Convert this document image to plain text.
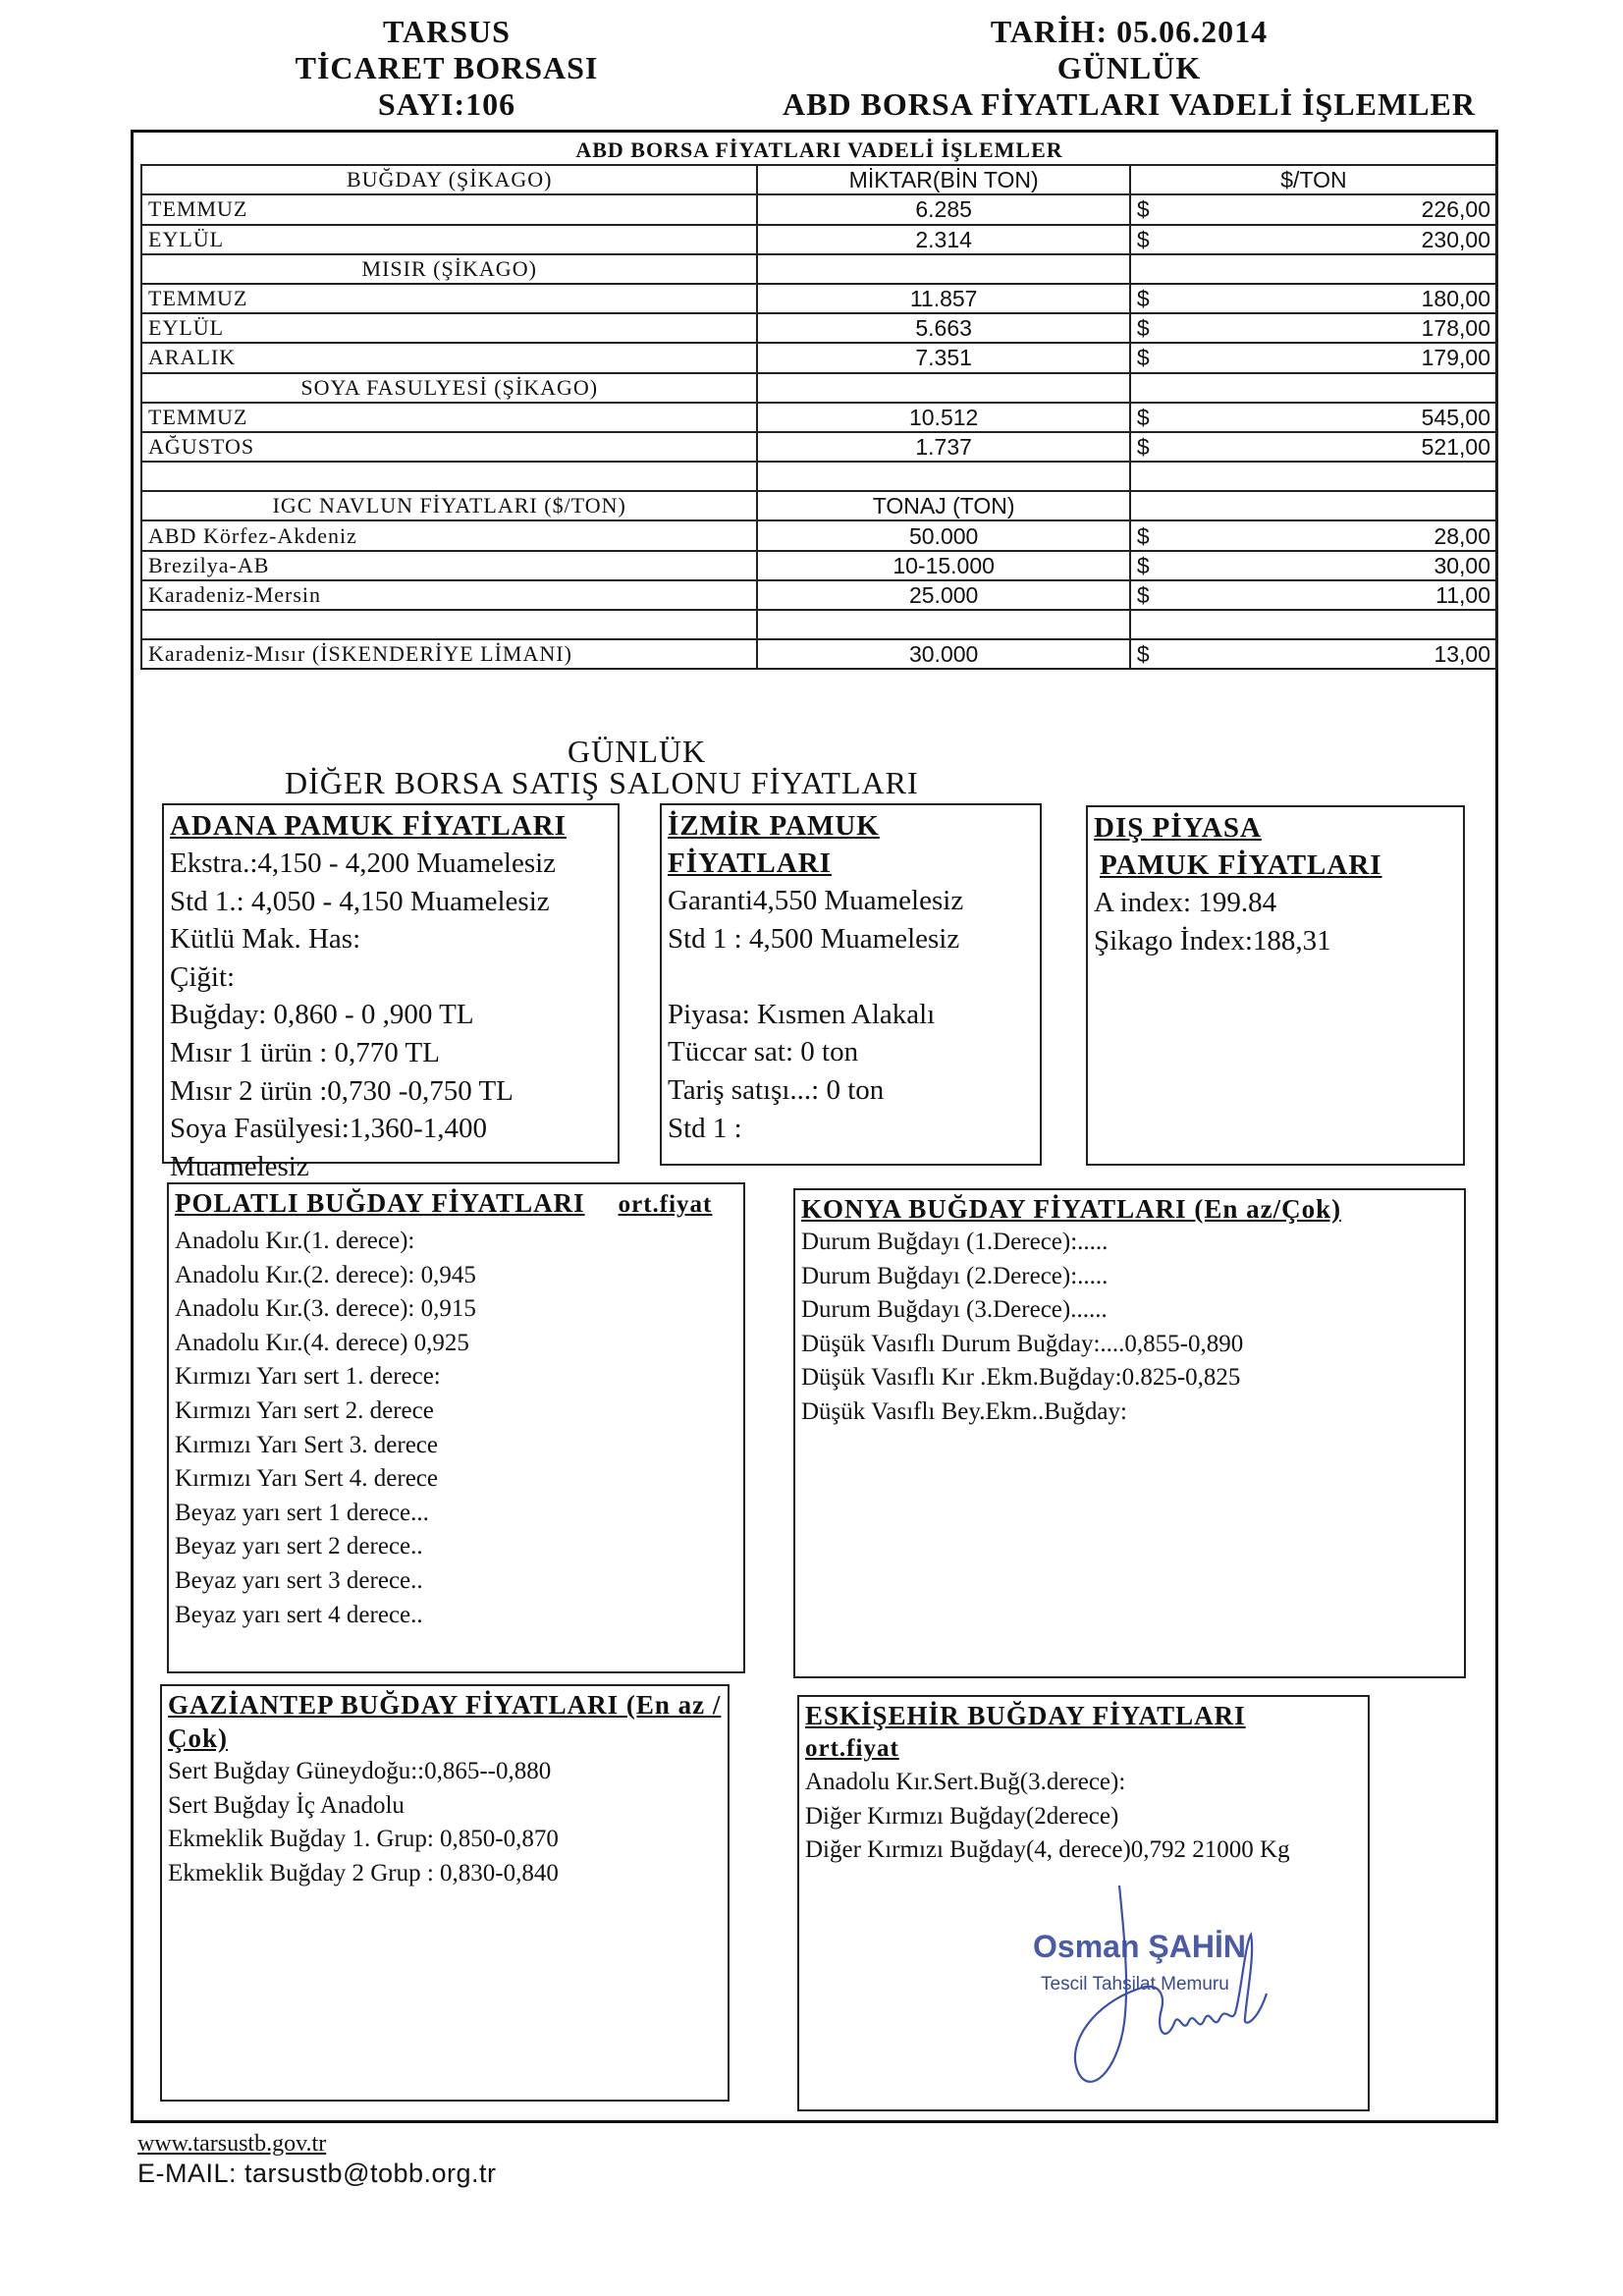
TARSUS
TİCARET BORSASI
SAYI:106
TARİH: 05.06.2014
GÜNLÜK
ABD BORSA FİYATLARI VADELİ İŞLEMLER
ABD BORSA FİYATLARI VADELİ İŞLEMLER		
BUĞDAY (ŞİKAGO)	MİKTAR(BİN TON)	$/TON
TEMMUZ	6.285	$ 226,00

EYLÜL	2.314	$ 230,00

MISIR (ŞİKAGO)		
TEMMUZ	11.857	$ 180,00

EYLÜL	5.663	$ 178,00

ARALIK	7.351	$ 179,00

SOYA FASULYESİ (ŞİKAGO)		
TEMMUZ	10.512	$ 545,00

AĞUSTOS	1.737	$ 521,00

IGC NAVLUN FİYATLARI ($/TON)	TONAJ (TON)	
ABD Körfez-Akdeniz	50.000	$ 28,00

Brezilya-AB	10-15.000	$ 30,00

Karadeniz-Mersin	25.000	$ 11,00

Karadeniz-Mısır (İSKENDERİYE LİMANI)	30.000	$ 13,00
GÜNLÜK
DİĞER BORSA SATIŞ SALONU FİYATLARI
ADANA PAMUK FİYATLARI
Ekstra.:4,150 - 4,200 Muamelesiz
Std 1.: 4,050 - 4,150 Muamelesiz
Kütlü Mak. Has:
Çiğit:
Buğday: 0,860 - 0 ,900 TL
Mısır 1 ürün : 0,770 TL
Mısır 2 ürün :0,730 -0,750 TL
Soya Fasülyesi:1,360-1,400
Muamelesiz
İZMİR PAMUK
FİYATLARI
Garanti4,550 Muamelesiz
Std 1 : 4,500 Muamelesiz

Piyasa: Kısmen Alakalı
Tüccar sat: 0 ton
Tariş satışı...: 0 ton
Std 1 :
DIŞ PİYASA
PAMUK FİYATLARI
A index: 199.84
Şikago İndex:188,31
POLATLI BUĞDAY FİYATLARI ort.fiyat
Anadolu Kır.(1. derece):
Anadolu Kır.(2. derece): 0,945
Anadolu Kır.(3. derece): 0,915
Anadolu Kır.(4. derece) 0,925
Kırmızı Yarı sert 1. derece:
Kırmızı Yarı sert 2. derece
Kırmızı Yarı Sert 3. derece
Kırmızı Yarı Sert 4. derece
Beyaz yarı sert 1 derece...
Beyaz yarı sert 2 derece..
Beyaz yarı sert 3 derece..
Beyaz yarı sert 4 derece..
KONYA BUĞDAY FİYATLARI (En az/Çok)
Durum Buğdayı (1.Derece):.....
Durum Buğdayı (2.Derece):.....
Durum Buğdayı (3.Derece)......
Düşük Vasıflı Durum Buğday:....0,855-0,890
Düşük Vasıflı Kır .Ekm.Buğday:0.825-0,825
Düşük Vasıflı Bey.Ekm..Buğday:
GAZİANTEP BUĞDAY FİYATLARI (En az /
Çok)
Sert Buğday Güneydoğu::0,865--0,880
Sert Buğday İç Anadolu
Ekmeklik Buğday 1. Grup: 0,850-0,870
Ekmeklik Buğday 2 Grup : 0,830-0,840
ESKİŞEHİR BUĞDAY FİYATLARI
ort.fiyat
Anadolu Kır.Sert.Buğ(3.derece):
Diğer Kırmızı Buğday(2derece)
Diğer Kırmızı Buğday(4, derece)0,792 21000 Kg
Osman ŞAHİN
Tescil Tahsilat Memuru
www.tarsustb.gov.tr
E-MAIL: tarsustb@tobb.org.tr
